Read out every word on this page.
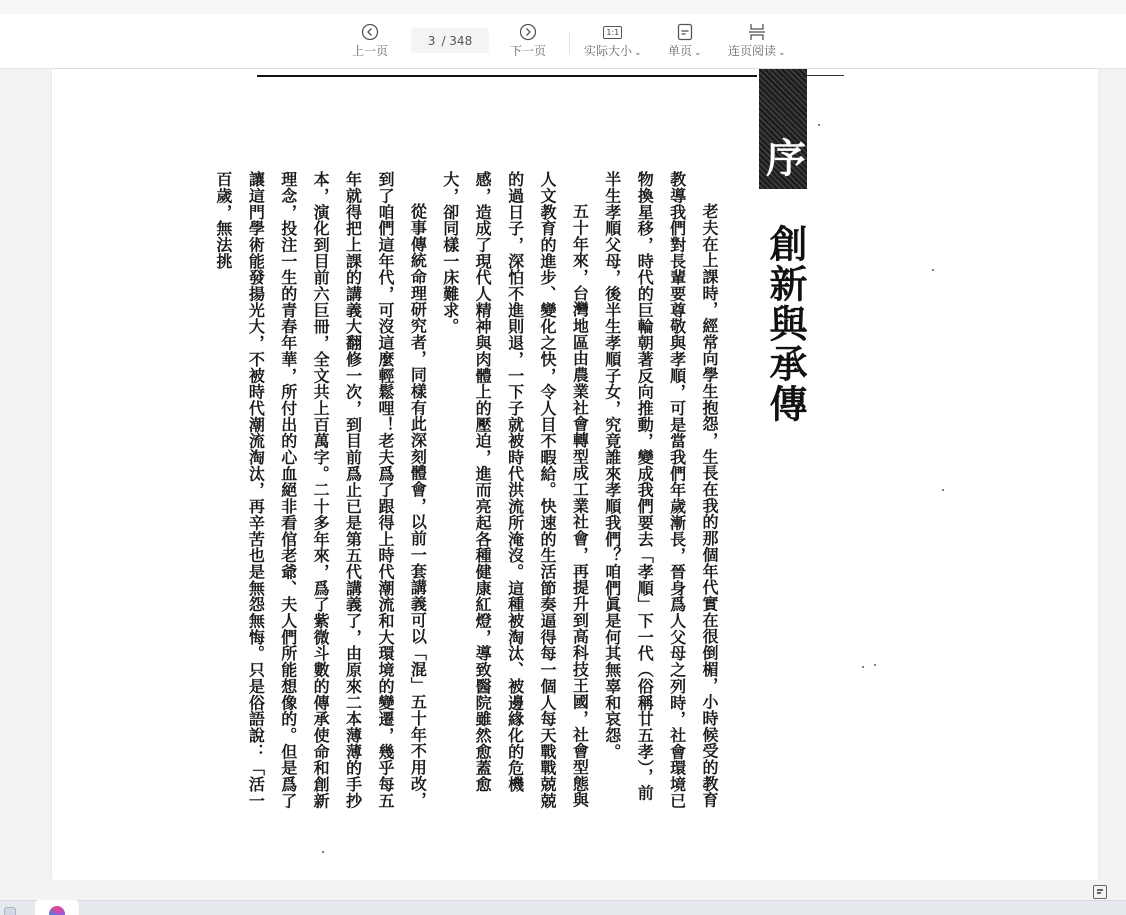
上一页
3 / 348
下一页
1:1
实际大小 ⌄ 单页 ⌄ 连页阅读 ⌄
序
創新與承傳

老夫在上課時，經常向學生抱怨，生長在我的那個年代實在很倒楣，小時候受的教育教導我們對長輩要尊敬與孝順，可是當我們年歲漸長，晉身爲人父母之列時，社會環境已物換星移，時代的巨輪朝著反向推動，變成我們要去「孝順」下一代（俗稱廿五孝），前半生孝順父母，後半生孝順子女，究竟誰來孝順我們？咱們眞是何其無辜和哀怨。

五十年來，台灣地區由農業社會轉型成工業社會，再提升到高科技王國，社會型態與人文教育的進步、變化之快，令人目不暇給。快速的生活節奏逼得每一個人每天戰戰兢兢的過日子，深怕不進則退，一下子就被時代洪流所淹沒。這種被淘汰、被邊緣化的危機感，造成了現代人精神與肉體上的壓迫，進而亮起各種健康紅燈，導致醫院雖然愈蓋愈大，卻同樣一床難求。

從事傳統命理研究者，同樣有此深刻體會，以前一套講義可以「混」五十年不用改，到了咱們這年代，可沒這麼輕鬆哩！老夫爲了跟得上時代潮流和大環境的變遷，幾乎每五年就得把上課的講義大翻修一次，到目前爲止已是第五代講義了，由原來二本薄薄的手抄本，演化到目前六巨冊，全文共上百萬字。二十多年來，爲了紫微斗數的傳承使命和創新理念，投注一生的青春年華，所付出的心血絕非看倌老爺、夫人們所能想像的。但是爲了讓這門學術能發揚光大，不被時代潮流淘汰，再辛苦也是無怨無悔。只是俗語說：「活一百歲，無法挑
